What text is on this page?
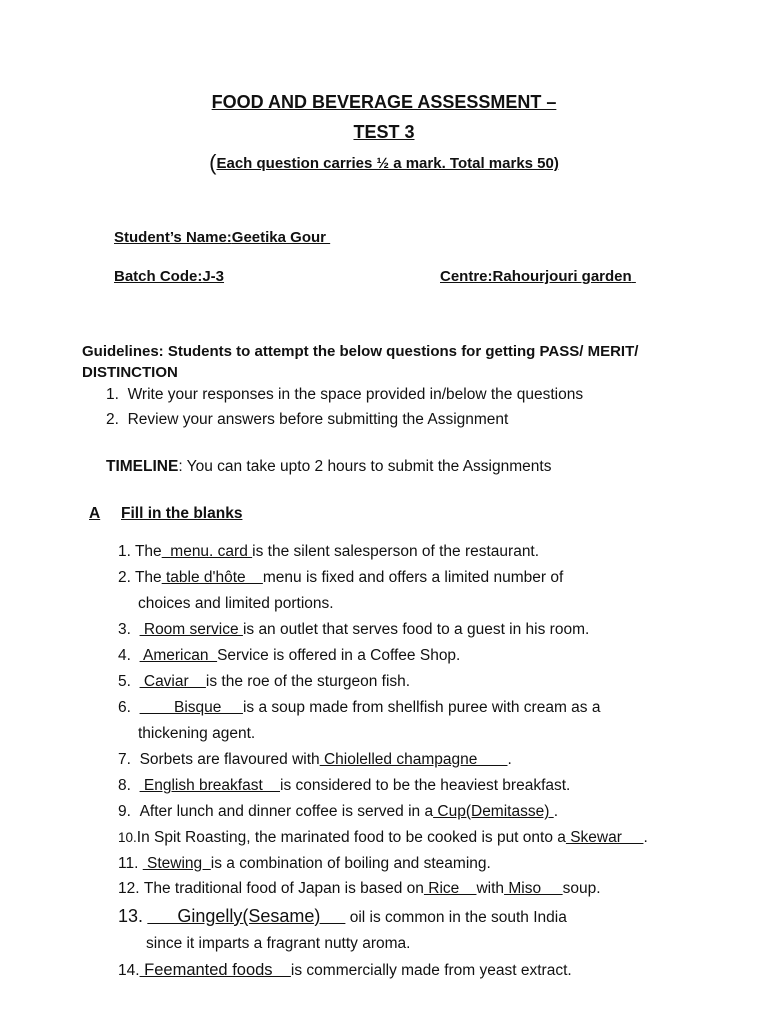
FOOD AND BEVERAGE ASSESSMENT –
TEST 3
(Each question carries ½ a mark. Total marks 50)
Student’s Name:Geetika Gour
Batch Code:J-3	Centre:Rahourjouri garden
Guidelines: Students to attempt the below questions for getting PASS/ MERIT/
DISTINCTION
1. Write your responses in the space provided in/below the questions
2. Review your answers before submitting the Assignment
TIMELINE: You can take upto 2 hours to submit the Assignments
A Fill in the blanks
1. The  menu. card is the silent salesperson of the restaurant.
2. The table d'hôte    menu is fixed and offers a limited number of
choices and limited portions.
3.   Room service is an outlet that serves food to a guest in his room.
4.   American  Service is offered in a Coffee Shop.
5.   Caviar    is the roe of the sturgeon fish.
6.          Bisque     is a soup made from shellfish puree with cream as a
thickening agent.
7. Sorbets are flavoured with Chiolelled champagne       .
8.   English breakfast    is considered to be the heaviest breakfast.
9. After lunch and dinner coffee is served in a Cup(Demitasse) .
10.In Spit Roasting, the marinated food to be cooked is put onto a Skewar     .
11.  Stewing  is a combination of boiling and steaming.
12. The traditional food of Japan is based on Rice    with Miso     soup.
13.       Gingelly(Sesame)      oil is common in the south India
since it imparts a fragrant nutty aroma.
14. Feemanted foods    is commercially made from yeast extract.
